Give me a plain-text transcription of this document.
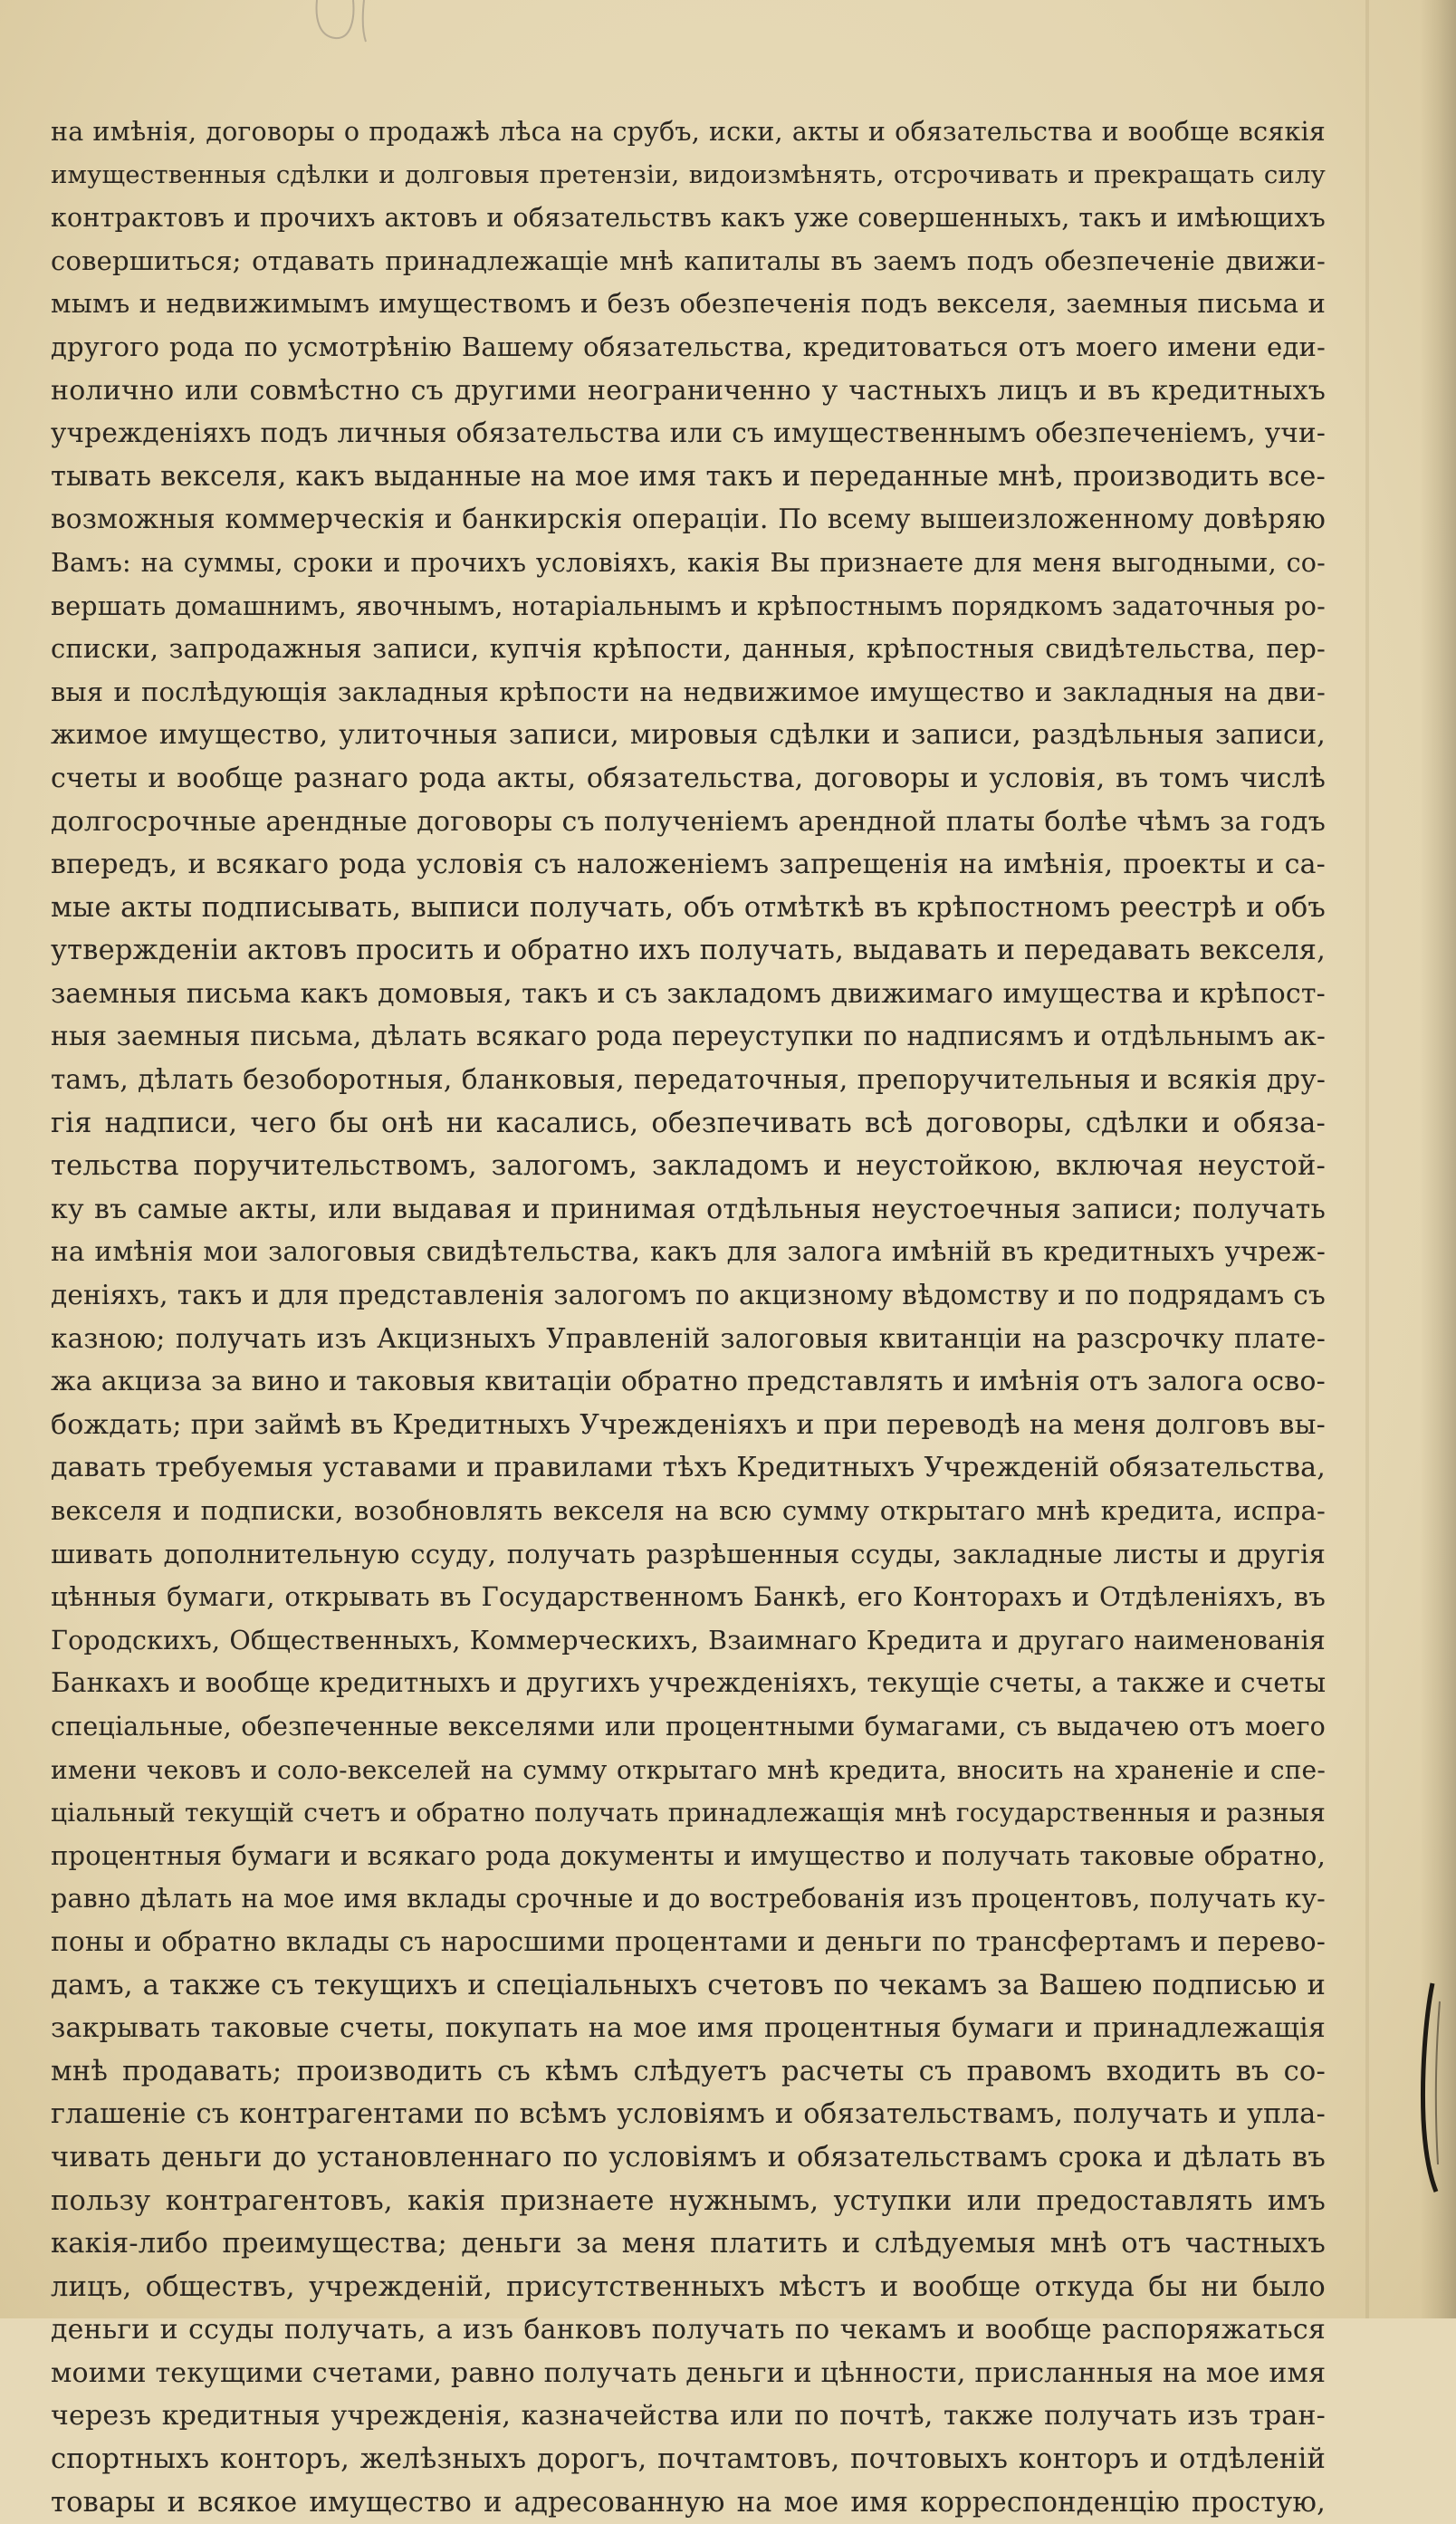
на имѣнія, договоры о продажѣ лѣса на срубъ, иски, акты и обязательства и вообще всякія
имущественныя сдѣлки и долговыя претензіи, видоизмѣнять, отсрочивать и прекращать силу
контрактовъ и прочихъ актовъ и обязательствъ какъ уже совершенныхъ, такъ и имѣющихъ
совершиться; отдавать принадлежащіе мнѣ капиталы въ заемъ подъ обезпеченіе движи-
мымъ и недвижимымъ имуществомъ и безъ обезпеченія подъ векселя, заемныя письма и
другого рода по усмотрѣнію Вашему обязательства, кредитоваться отъ моего имени еди-
нолично или совмѣстно съ другими неограниченно у частныхъ лицъ и въ кредитныхъ
учрежденіяхъ подъ личныя обязательства или съ имущественнымъ обезпеченіемъ, учи-
тывать векселя, какъ выданные на мое имя такъ и переданные мнѣ, производить все-
возможныя коммерческія и банкирскія операціи. По всему вышеизложенному довѣряю
Вамъ: на суммы, сроки и прочихъ условіяхъ, какія Вы признаете для меня выгодными, со-
вершать домашнимъ, явочнымъ, нотаріальнымъ и крѣпостнымъ порядкомъ задаточныя ро-
списки, запродажныя записи, купчія крѣпости, данныя, крѣпостныя свидѣтельства, пер-
выя и послѣдующія закладныя крѣпости на недвижимое имущество и закладныя на дви-
жимое имущество, улиточныя записи, мировыя сдѣлки и записи, раздѣльныя записи,
счеты и вообще разнаго рода акты, обязательства, договоры и условія, въ томъ числѣ
долгосрочные арендные договоры съ полученіемъ арендной платы болѣе чѣмъ за годъ
впередъ, и всякаго рода условія съ наложеніемъ запрещенія на имѣнія, проекты и са-
мые акты подписывать, выписи получать, объ отмѣткѣ въ крѣпостномъ реестрѣ и объ
утвержденіи актовъ просить и обратно ихъ получать, выдавать и передавать векселя,
заемныя письма какъ домовыя, такъ и съ закладомъ движимаго имущества и крѣпост-
ныя заемныя письма, дѣлать всякаго рода переуступки по надписямъ и отдѣльнымъ ак-
тамъ, дѣлать безоборотныя, бланковыя, передаточныя, препоручительныя и всякія дру-
гія надписи, чего бы онѣ ни касались, обезпечивать всѣ договоры, сдѣлки и обяза-
тельства поручительствомъ, залогомъ, закладомъ и неустойкою, включая неустой-
ку въ самые акты, или выдавая и принимая отдѣльныя неустоечныя записи; получать
на имѣнія мои залоговыя свидѣтельства, какъ для залога имѣній въ кредитныхъ учреж-
деніяхъ, такъ и для представленія залогомъ по акцизному вѣдомству и по подрядамъ съ
казною; получать изъ Акцизныхъ Управленій залоговыя квитанціи на разсрочку плате-
жа акциза за вино и таковыя квитаціи обратно представлять и имѣнія отъ залога осво-
бождать; при займѣ въ Кредитныхъ Учрежденіяхъ и при переводѣ на меня долговъ вы-
давать требуемыя уставами и правилами тѣхъ Кредитныхъ Учрежденій обязательства,
векселя и подписки, возобновлять векселя на всю сумму открытаго мнѣ кредита, испра-
шивать дополнительную ссуду, получать разрѣшенныя ссуды, закладные листы и другія
цѣнныя бумаги, открывать въ Государственномъ Банкѣ, его Конторахъ и Отдѣленіяхъ, въ
Городскихъ, Общественныхъ, Коммерческихъ, Взаимнаго Кредита и другаго наименованія
Банкахъ и вообще кредитныхъ и другихъ учрежденіяхъ, текущіе счеты, а также и счеты
спеціальные, обезпеченные векселями или процентными бумагами, съ выдачею отъ моего
имени чековъ и соло-векселей на сумму открытаго мнѣ кредита, вносить на храненіе и спе-
ціальный текущій счетъ и обратно получать принадлежащія мнѣ государственныя и разныя
процентныя бумаги и всякаго рода документы и имущество и получать таковые обратно,
равно дѣлать на мое имя вклады срочные и до востребованія изъ процентовъ, получать ку-
поны и обратно вклады съ наросшими процентами и деньги по трансфертамъ и перево-
дамъ, а также съ текущихъ и спеціальныхъ счетовъ по чекамъ за Вашею подписью и
закрывать таковые счеты, покупать на мое имя процентныя бумаги и принадлежащія
мнѣ продавать; производить съ кѣмъ слѣдуетъ расчеты съ правомъ входить въ со-
глашеніе съ контрагентами по всѣмъ условіямъ и обязательствамъ, получать и упла-
чивать деньги до установленнаго по условіямъ и обязательствамъ срока и дѣлать въ
пользу контрагентовъ, какія признаете нужнымъ, уступки или предоставлять имъ
какія-либо преимущества; деньги за меня платить и слѣдуемыя мнѣ отъ частныхъ
лицъ, обществъ, учрежденій, присутственныхъ мѣстъ и вообще откуда бы ни было
деньги и ссуды получать, а изъ банковъ получать по чекамъ и вообще распоряжаться
моими текущими счетами, равно получать деньги и цѣнности, присланныя на мое имя
черезъ кредитныя учрежденія, казначейства или по почтѣ, также получать изъ тран-
спортныхъ конторъ, желѣзныхъ дорогъ, почтамтовъ, почтовыхъ конторъ и отдѣленій
товары и всякое имущество и адресованную на мое имя корреспонденцію простую,
